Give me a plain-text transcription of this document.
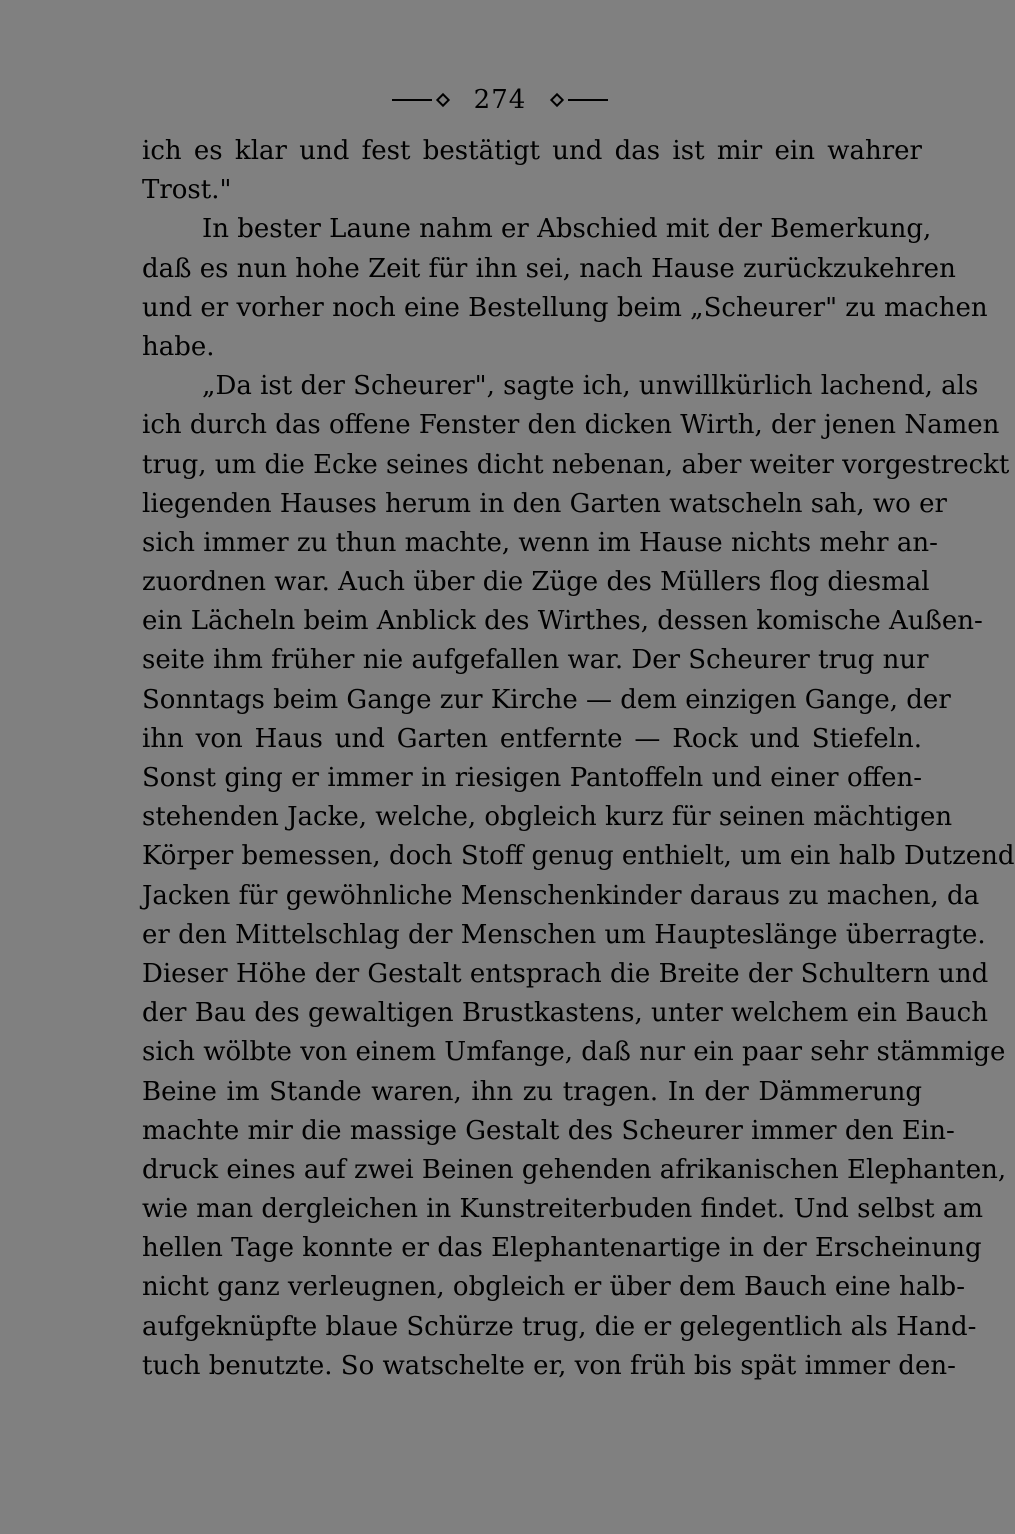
274
ich es klar und fest bestätigt und das ist mir ein wahrer
Trost."
In bester Laune nahm er Abschied mit der Bemerkung,
daß es nun hohe Zeit für ihn sei, nach Hause zurückzukehren
und er vorher noch eine Bestellung beim „Scheurer" zu machen
habe.
„Da ist der Scheurer", sagte ich, unwillkürlich lachend, als
ich durch das offene Fenster den dicken Wirth, der jenen Namen
trug, um die Ecke seines dicht nebenan, aber weiter vorgestreckt
liegenden Hauses herum in den Garten watscheln sah, wo er
sich immer zu thun machte, wenn im Hause nichts mehr an-
zuordnen war. Auch über die Züge des Müllers flog diesmal
ein Lächeln beim Anblick des Wirthes, dessen komische Außen-
seite ihm früher nie aufgefallen war. Der Scheurer trug nur
Sonntags beim Gange zur Kirche — dem einzigen Gange, der
ihn von Haus und Garten entfernte — Rock und Stiefeln.
Sonst ging er immer in riesigen Pantoffeln und einer offen-
stehenden Jacke, welche, obgleich kurz für seinen mächtigen
Körper bemessen, doch Stoff genug enthielt, um ein halb Dutzend
Jacken für gewöhnliche Menschenkinder daraus zu machen, da
er den Mittelschlag der Menschen um Haupteslänge überragte.
Dieser Höhe der Gestalt entsprach die Breite der Schultern und
der Bau des gewaltigen Brustkastens, unter welchem ein Bauch
sich wölbte von einem Umfange, daß nur ein paar sehr stämmige
Beine im Stande waren, ihn zu tragen. In der Dämmerung
machte mir die massige Gestalt des Scheurer immer den Ein-
druck eines auf zwei Beinen gehenden afrikanischen Elephanten,
wie man dergleichen in Kunstreiterbuden findet. Und selbst am
hellen Tage konnte er das Elephantenartige in der Erscheinung
nicht ganz verleugnen, obgleich er über dem Bauch eine halb-
aufgeknüpfte blaue Schürze trug, die er gelegentlich als Hand-
tuch benutzte. So watschelte er, von früh bis spät immer den-
